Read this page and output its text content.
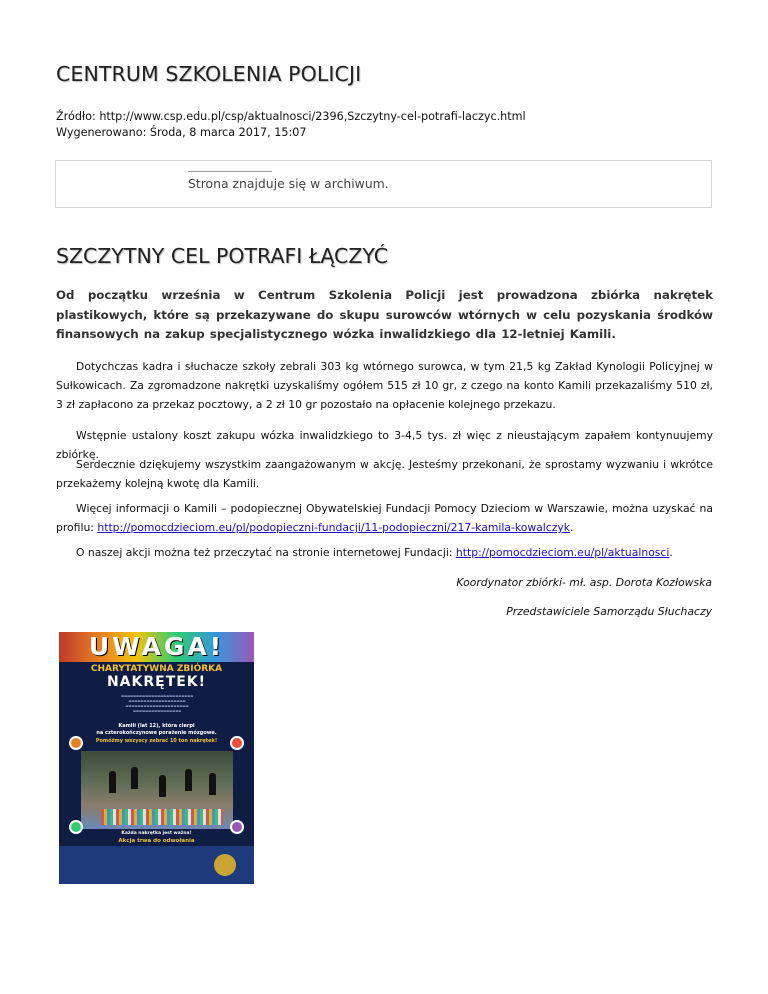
CENTRUM SZKOLENIA POLICJI
Źródło: http://www.csp.edu.pl/csp/aktualnosci/2396,Szczytny-cel-potrafi-laczyc.html
Wygenerowano: Środa, 8 marca 2017, 15:07
Strona znajduje się w archiwum.
SZCZYTNY CEL POTRAFI ŁĄCZYĆ

Od początku września w Centrum Szkolenia Policji jest prowadzona zbiórka nakrętek plastikowych, które są przekazywane do skupu surowców wtórnych w celu pozyskania środków finansowych na zakup specjalistycznego wózka inwalidzkiego dla 12-letniej Kamili.

Dotychczas kadra i słuchacze szkoły zebrali 303 kg wtórnego surowca, w tym 21,5 kg Zakład Kynologii Policyjnej w Sułkowicach. Za zgromadzone nakrętki uzyskaliśmy ogółem 515 zł 10 gr, z czego na konto Kamili przekazaliśmy 510 zł, 3 zł zapłacono za przekaz pocztowy, a 2 zł 10 gr pozostało na opłacenie kolejnego przekazu.

Wstępnie ustalony koszt zakupu wózka inwalidzkiego to 3-4,5 tys. zł więc z nieustającym zapałem kontynuujemy zbiórkę.

Serdecznie dziękujemy wszystkim zaangażowanym w akcję. Jesteśmy przekonani, że sprostamy wyzwaniu i wkrótce przekażemy kolejną kwotę dla Kamili.

Więcej informacji o Kamili – podopiecznej Obywatelskiej Fundacji Pomocy Dzieciom w Warszawie, można uzyskać na profilu: http://pomocdzieciom.eu/pl/podopieczni-fundacji/11-podopieczni/217-kamila-kowalczyk.

O naszej akcji można też przeczytać na stronie internetowej Fundacji: http://pomocdzieciom.eu/pl/aktualnosci.

Koordynator zbiórki- mł. asp. Dorota Kozłowska
Przedstawiciele Samorządu Słuchaczy
UWAGA!
CHARYTATYWNA ZBIÓRKA
NAKRĘTEK!
▬▬▬▬▬▬▬▬▬▬▬▬▬▬▬▬▬▬▬▬▬▬▬▬
▬▬▬▬▬▬▬▬▬▬▬▬▬▬▬▬▬▬▬
▬▬▬▬▬▬▬▬▬▬▬▬▬▬▬▬▬▬▬▬▬
▬▬▬▬▬▬▬▬▬▬▬▬▬▬▬▬
Kamili (lat 12), która cierpi
na czterokończynowe porażenie mózgowe.
Pomóżmy wszyscy zebrać 10 ton nakrętek!
Akcja trwa do odwołania
Każda nakrętka jest ważna!
